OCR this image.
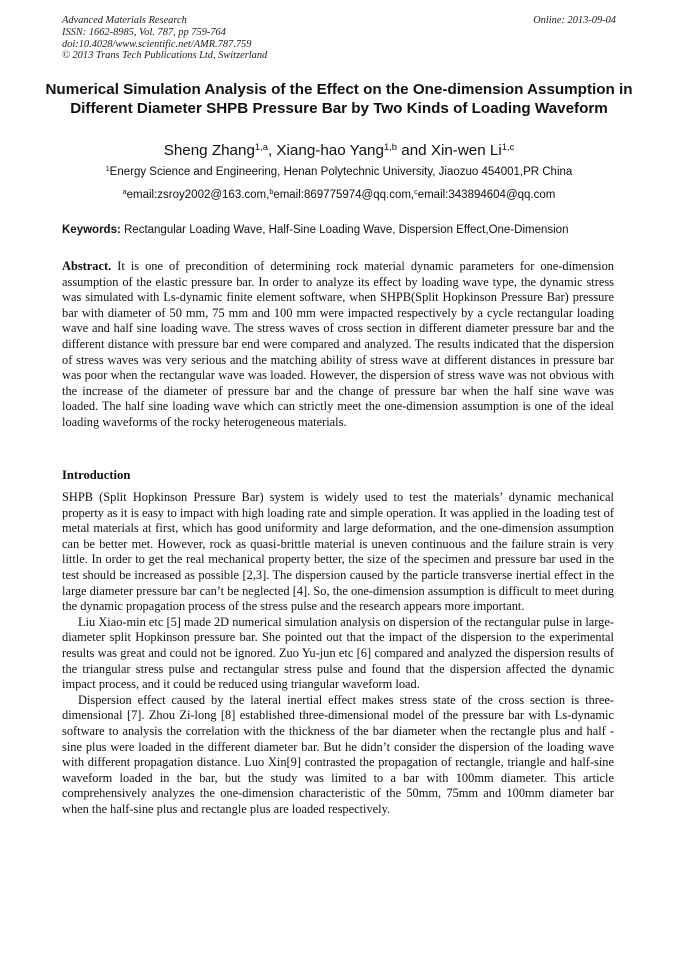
Advanced Materials Research
ISSN: 1662-8985, Vol. 787, pp 759-764
doi:10.4028/www.scientific.net/AMR.787.759
© 2013 Trans Tech Publications Ltd, Switzerland
Online: 2013-09-04
Numerical Simulation Analysis of the Effect on the One-dimension Assumption in Different Diameter SHPB Pressure Bar by Two Kinds of Loading Waveform
Sheng Zhang$^{1,a}$, Xiang-hao Yang$^{1,b}$ and Xin-wen Li$^{1,c}$
$^1$Energy Science and Engineering, Henan Polytechnic University, Jiaozuo 454001,PR China
$^a$email:zsroy2002@163.com,$^b$email:869775974@qq.com,$^c$email:343894604@qq.com
Keywords: Rectangular Loading Wave, Half-Sine Loading Wave, Dispersion Effect,One-Dimension
Abstract. It is one of precondition of determining rock material dynamic parameters for one-dimension assumption of the elastic pressure bar. In order to analyze its effect by loading wave type, the dynamic stress was simulated with Ls-dynamic finite element software, when SHPB(Split Hopkinson Pressure Bar) pressure bar with diameter of 50 mm, 75 mm and 100 mm were impacted respectively by a cycle rectangular loading wave and half sine loading wave. The stress waves of cross section in different diameter pressure bar and the different distance with pressure bar end were compared and analyzed. The results indicated that the dispersion of stress waves was very serious and the matching ability of stress wave at different distances in pressure bar was poor when the rectangular wave was loaded. However, the dispersion of stress wave was not obvious with the increase of the diameter of pressure bar and the change of pressure bar when the half sine wave was loaded. The half sine loading wave which can strictly meet the one-dimension assumption is one of the ideal loading waveforms of the rocky heterogeneous materials.
Introduction

SHPB (Split Hopkinson Pressure Bar) system is widely used to test the materials’ dynamic mechanical property as it is easy to impact with high loading rate and simple operation. It was applied in the loading test of metal materials at first, which has good uniformity and large deformation, and the one-dimension assumption can be better met. However, rock as quasi-brittle material is uneven continuous and the failure strain is very little. In order to get the real mechanical property better, the size of the specimen and pressure bar used in the test should be increased as possible [2,3]. The dispersion caused by the particle transverse inertial effect in the large diameter pressure bar can’t be neglected [4]. So, the one-dimension assumption is difficult to meet during the dynamic propagation process of the stress pulse and the research appears more important.

Liu Xiao-min etc [5] made 2D numerical simulation analysis on dispersion of the rectangular pulse in large-diameter split Hopkinson pressure bar. She pointed out that the impact of the dispersion to the experimental results was great and could not be ignored. Zuo Yu-jun etc [6] compared and analyzed the dispersion results of the triangular stress pulse and rectangular stress pulse and found that the dispersion affected the dynamic impact process, and it could be reduced using triangular waveform load.

Dispersion effect caused by the lateral inertial effect makes stress state of the cross section is three-dimensional [7]. Zhou Zi-long [8] established three-dimensional model of the pressure bar with Ls-dynamic software to analysis the correlation with the thickness of the bar diameter when the rectangle plus and half -sine plus were loaded in the different diameter bar. But he didn’t consider the dispersion of the loading wave with different propagation distance. Luo Xin[9] contrasted the propagation of rectangle, triangle and half-sine waveform loaded in the bar, but the study was limited to a bar with 100mm diameter. This article comprehensively analyzes the one-dimension characteristic of the 50mm, 75mm and 100mm diameter bar when the half-sine plus and rectangle plus are loaded respectively.
